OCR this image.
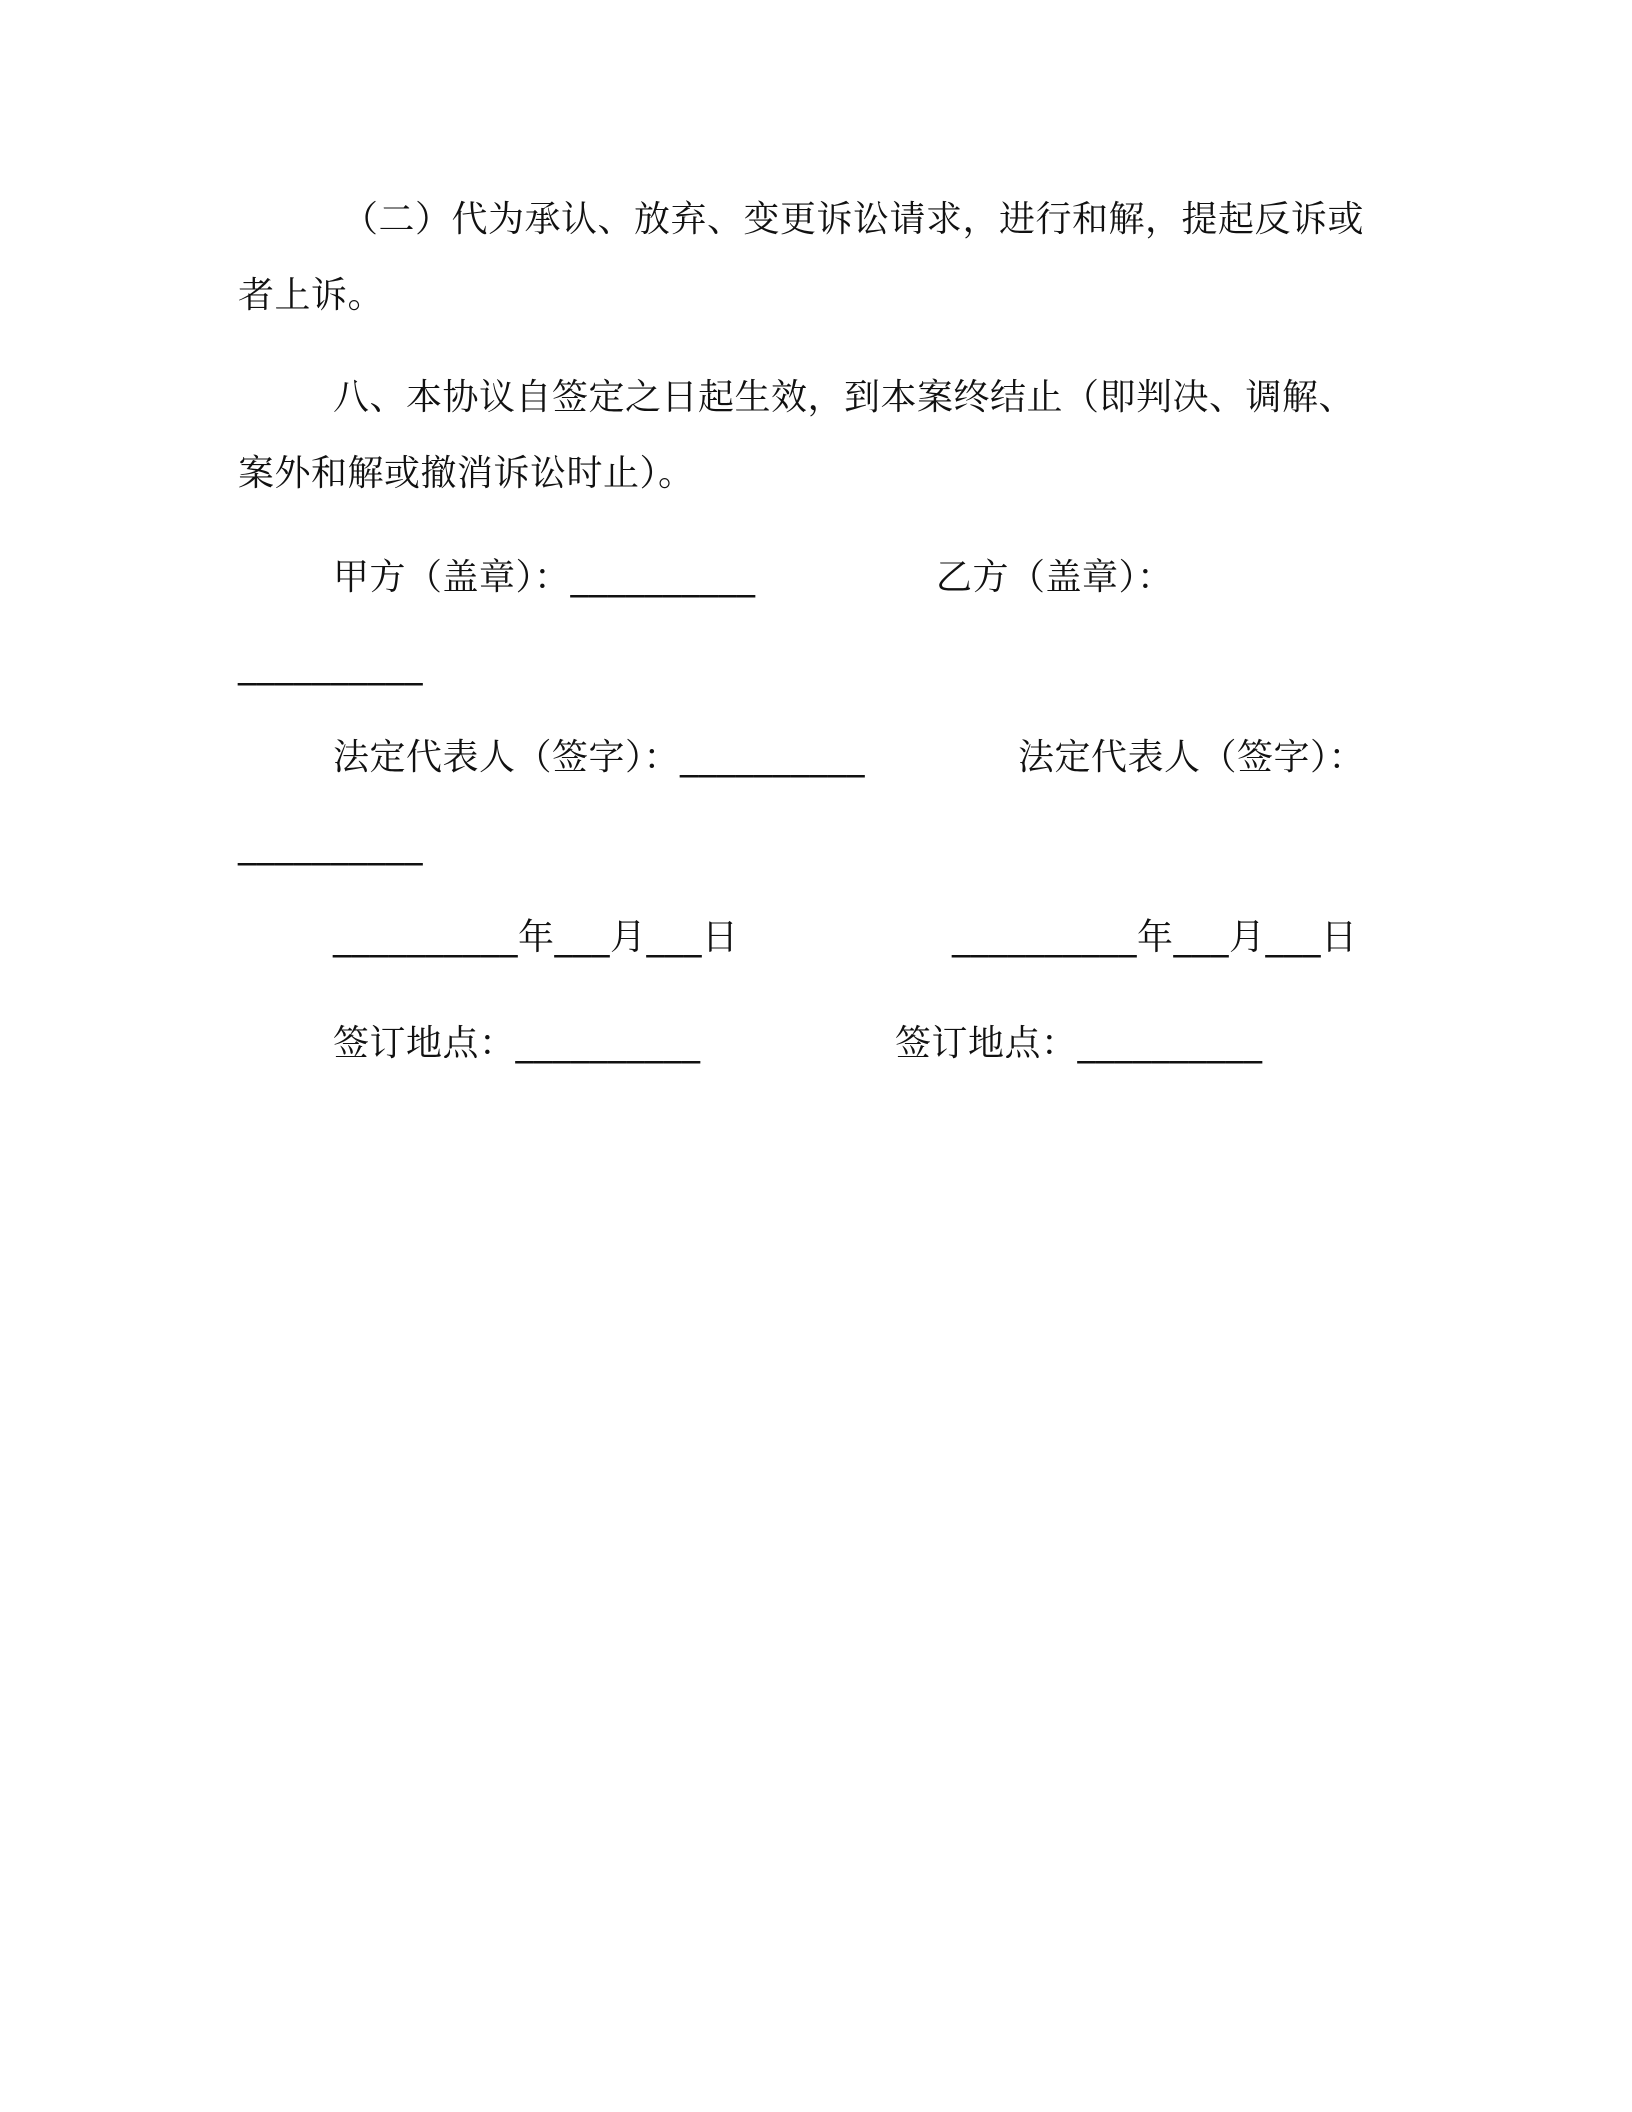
（二）代为承认、放弃、变更诉讼请求，进行和解，提起反诉或
者上诉。
八、本协议自签定之日起生效，到本案终结止（即判决、调解、
案外和解或撤消诉讼时止）。
甲方（盖章）：__________	乙方（盖章）：
__________
法定代表人（签字）：__________	法定代表人（签字）：
__________
__________年___月___日	__________年___月___日
签订地点：__________	签订地点：__________
